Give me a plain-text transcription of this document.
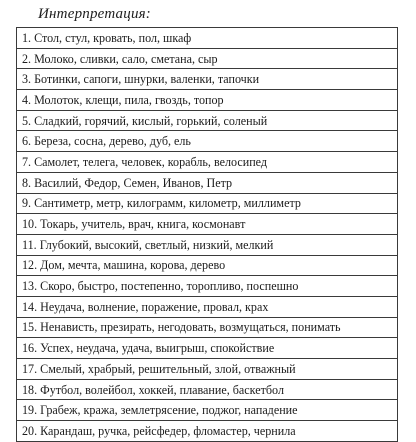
Интерпретация:
1. Стол, стул, кровать, пол, шкаф
2. Молоко, сливки, сало, сметана, сыр
3. Ботинки, сапоги, шнурки, валенки, тапочки
4. Молоток, клещи, пила, гвоздь, топор
5. Сладкий, горячий, кислый, горький, соленый
6. Береза, сосна, дерево, дуб, ель
7. Самолет, телега, человек, корабль, велосипед
8. Василий, Федор, Семен, Иванов, Петр
9. Сантиметр, метр, килограмм, километр, миллиметр
10. Токарь, учитель, врач, книга, космонавт
11. Глубокий, высокий, светлый, низкий, мелкий
12. Дом, мечта, машина, корова, дерево
13. Скоро, быстро, постепенно, торопливо, поспешно
14. Неудача, волнение, поражение, провал, крах
15. Ненависть, презирать, негодовать, возмущаться, понимать
16. Успех, неудача, удача, выигрыш, спокойствие
17. Смелый, храбрый, решительный, злой, отважный
18. Футбол, волейбол, хоккей, плавание, баскетбол
19. Грабеж, кража, землетрясение, поджог, нападение
20. Карандаш, ручка, рейсфедер, фломастер, чернила
